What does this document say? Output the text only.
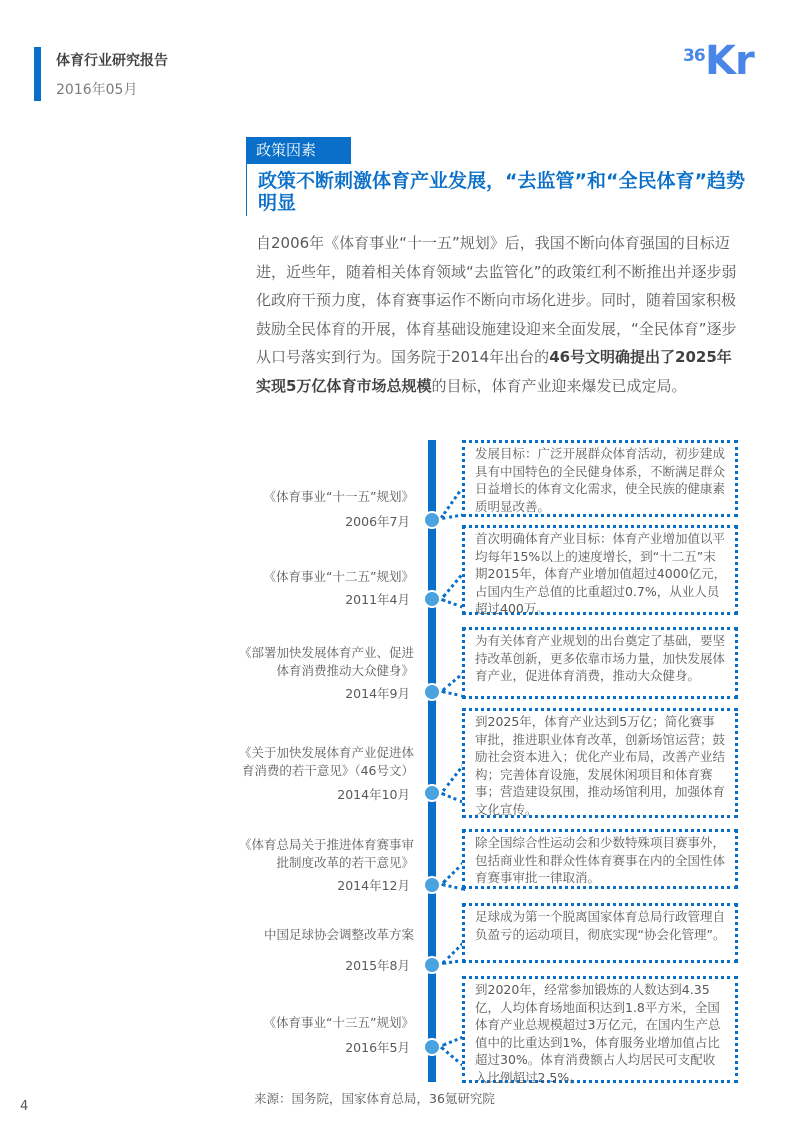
体育行业研究报告
2016年05月
36 Kr
政策因素
政策不断刺激体育产业发展，“去监管”和“全民体育”趋势明显
自2006年《体育事业“十一五”规划》后，我国不断向体育强国的目标迈进，近些年，随着相关体育领域“去监管化”的政策红利不断推出并逐步弱化政府干预力度，体育赛事运作不断向市场化进步。同时，随着国家积极鼓励全民体育的开展，体育基础设施建设迎来全面发展，“全民体育”逐步从口号落实到行为。国务院于2014年出台的46号文明确提出了2025年实现5万亿体育市场总规模的目标，体育产业迎来爆发已成定局。
《体育事业“十一五”规划》
2006年7月
发展目标：广泛开展群众体育活动，初步建成具有中国特色的全民健身体系，不断满足群众日益增长的体育文化需求，使全民族的健康素质明显改善。
《体育事业“十二五”规划》
2011年4月
首次明确体育产业目标：体育产业增加值以平均每年15%以上的速度增长，到“十二五”末期2015年，体育产业增加值超过4000亿元，占国内生产总值的比重超过0.7%，从业人员超过400万。
《部署加快发展体育产业、促进体育消费推动大众健身》
2014年9月
为有关体育产业规划的出台奠定了基础，要坚持改革创新，更多依靠市场力量，加快发展体育产业，促进体育消费，推动大众健身。
《关于加快发展体育产业促进体育消费的若干意见》（46号文）
2014年10月
到2025年，体育产业达到5万亿；简化赛事审批，推进职业体育改革，创新场馆运营；鼓励社会资本进入；优化产业布局，改善产业结构；完善体育设施，发展休闲项目和体育赛事；营造建设氛围，推动场馆利用，加强体育文化宣传。
《体育总局关于推进体育赛事审批制度改革的若干意见》
2014年12月
除全国综合性运动会和少数特殊项目赛事外，包括商业性和群众性体育赛事在内的全国性体育赛事审批一律取消。
中国足球协会调整改革方案
2015年8月
足球成为第一个脱离国家体育总局行政管理自负盈亏的运动项目，彻底实现“协会化管理”。
《体育事业“十三五”规划》
2016年5月
到2020年，经常参加锻炼的人数达到4.35亿，人均体育场地面积达到1.8平方米，全国体育产业总规模超过3万亿元，在国内生产总值中的比重达到1%，体育服务业增加值占比超过30%。体育消费额占人均居民可支配收入比例超过2.5%。
来源：国务院，国家体育总局，36氪研究院
4
